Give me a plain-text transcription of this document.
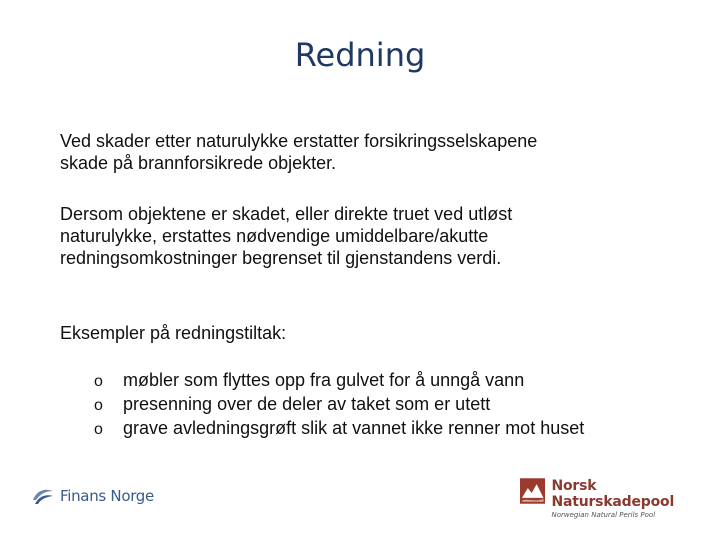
Redning
Ved skader etter naturulykke erstatter forsikringsselskapene
skade på brannforsikrede objekter.
Dersom objektene er skadet, eller direkte truet ved utløst
naturulykke, erstattes nødvendige umiddelbare/akutte
redningsomkostninger begrenset til gjenstandens verdi.
Eksempler på redningstiltak:
o	møbler som flyttes opp fra gulvet for å unngå vann
o	presenning over de deler av taket som er utett
o	grave avledningsgrøft slik at vannet ikke renner mot huset
Finans Norge
Norsk Naturskadepool
Norwegian Natural Perils Pool
